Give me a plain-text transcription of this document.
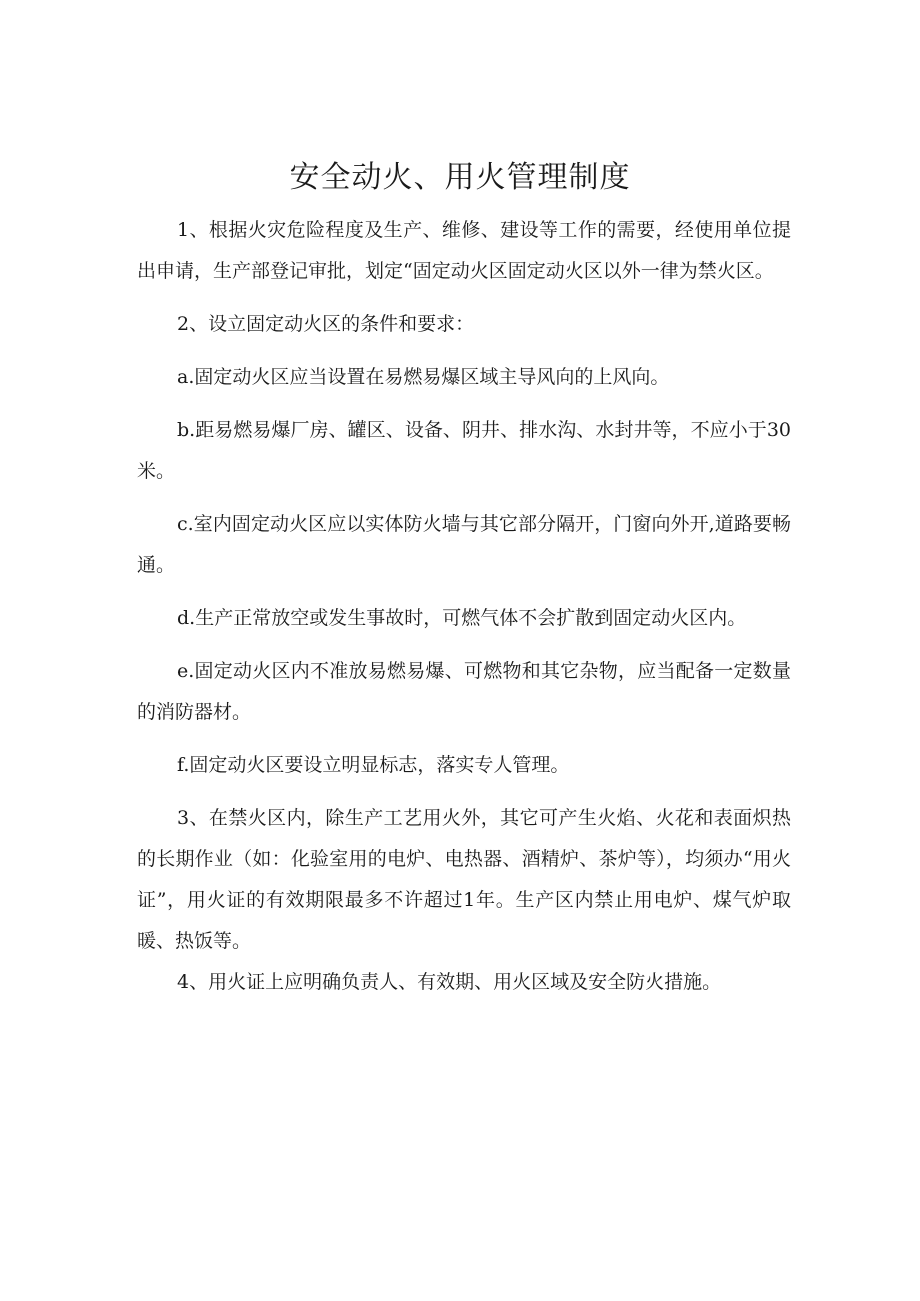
安全动火、用火管理制度

1、根据火灾危险程度及生产、维修、建设等工作的需要，经使用单位提出申请，生产部登记审批，划定“固定动火区固定动火区以外一律为禁火区。

2、设立固定动火区的条件和要求：

a.固定动火区应当设置在易燃易爆区域主导风向的上风向。

b.距易燃易爆厂房、罐区、设备、阴井、排水沟、水封井等，不应小于30米。

c.室内固定动火区应以实体防火墙与其它部分隔开，门窗向外开,道路要畅通。

d.生产正常放空或发生事故时，可燃气体不会扩散到固定动火区内。

e.固定动火区内不准放易燃易爆、可燃物和其它杂物，应当配备一定数量的消防器材。

f.固定动火区要设立明显标志，落实专人管理。

3、在禁火区内，除生产工艺用火外，其它可产生火焰、火花和表面炽热的长期作业（如：化验室用的电炉、电热器、酒精炉、茶炉等），均须办“用火证”，用火证的有效期限最多不许超过1年。生产区内禁止用电炉、煤气炉取暖、热饭等。

4、用火证上应明确负责人、有效期、用火区域及安全防火措施。
